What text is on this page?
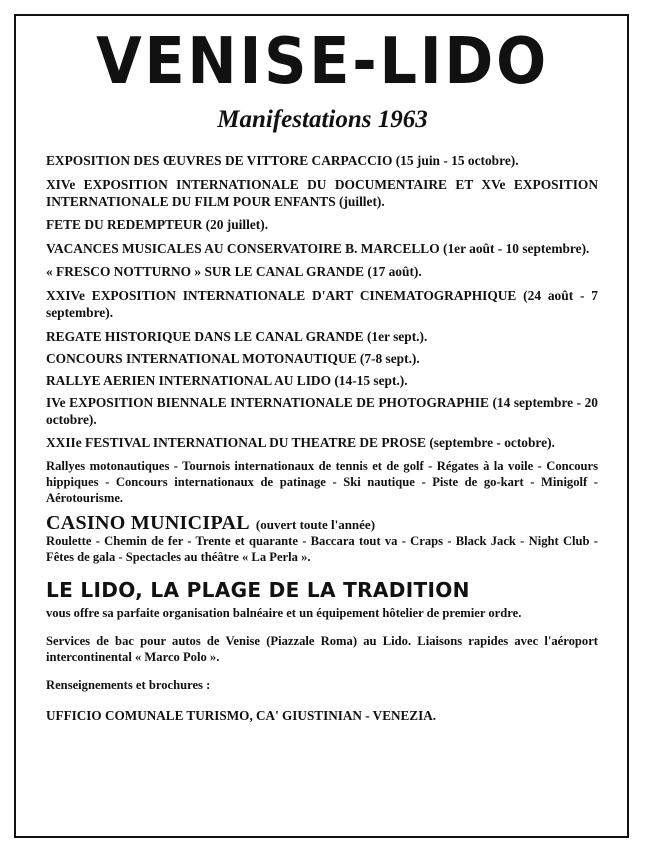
VENISE-LIDO
Manifestations 1963
EXPOSITION DES ŒUVRES DE VITTORE CARPACCIO (15 juin - 15 octobre).
XIVe EXPOSITION INTERNATIONALE DU DOCUMENTAIRE ET XVe EXPOSITION INTERNATIONALE DU FILM POUR ENFANTS (juillet).
FETE DU REDEMPTEUR (20 juillet).
VACANCES MUSICALES AU CONSERVATOIRE B. MARCELLO (1er août - 10 septembre).
« FRESCO NOTTURNO » SUR LE CANAL GRANDE (17 août).
XXIVe EXPOSITION INTERNATIONALE D'ART CINEMATOGRAPHIQUE (24 août - 7 septembre).
REGATE HISTORIQUE DANS LE CANAL GRANDE (1er sept.).
CONCOURS INTERNATIONAL MOTONAUTIQUE (7-8 sept.).
RALLYE AERIEN INTERNATIONAL AU LIDO (14-15 sept.).
IVe EXPOSITION BIENNALE INTERNATIONALE DE PHOTOGRAPHIE (14 septembre - 20 octobre).
XXIIe FESTIVAL INTERNATIONAL DU THEATRE DE PROSE (septembre - octobre).
Rallyes motonautiques - Tournois internationaux de tennis et de golf - Régates à la voile - Concours hippiques - Concours internationaux de patinage - Ski nautique - Piste de go-kart - Minigolf - Aérotourisme.
CASINO MUNICIPAL (ouvert toute l'année)
Roulette - Chemin de fer - Trente et quarante - Baccara tout va - Craps - Black Jack - Night Club - Fêtes de gala - Spectacles au théâtre « La Perla ».
LE LIDO, LA PLAGE DE LA TRADITION
vous offre sa parfaite organisation balnéaire et un équipement hôtelier de premier ordre.
Services de bac pour autos de Venise (Piazzale Roma) au Lido. Liaisons rapides avec l'aéroport intercontinental « Marco Polo ».
Renseignements et brochures :
UFFICIO COMUNALE TURISMO, CA' GIUSTINIAN - VENEZIA.
